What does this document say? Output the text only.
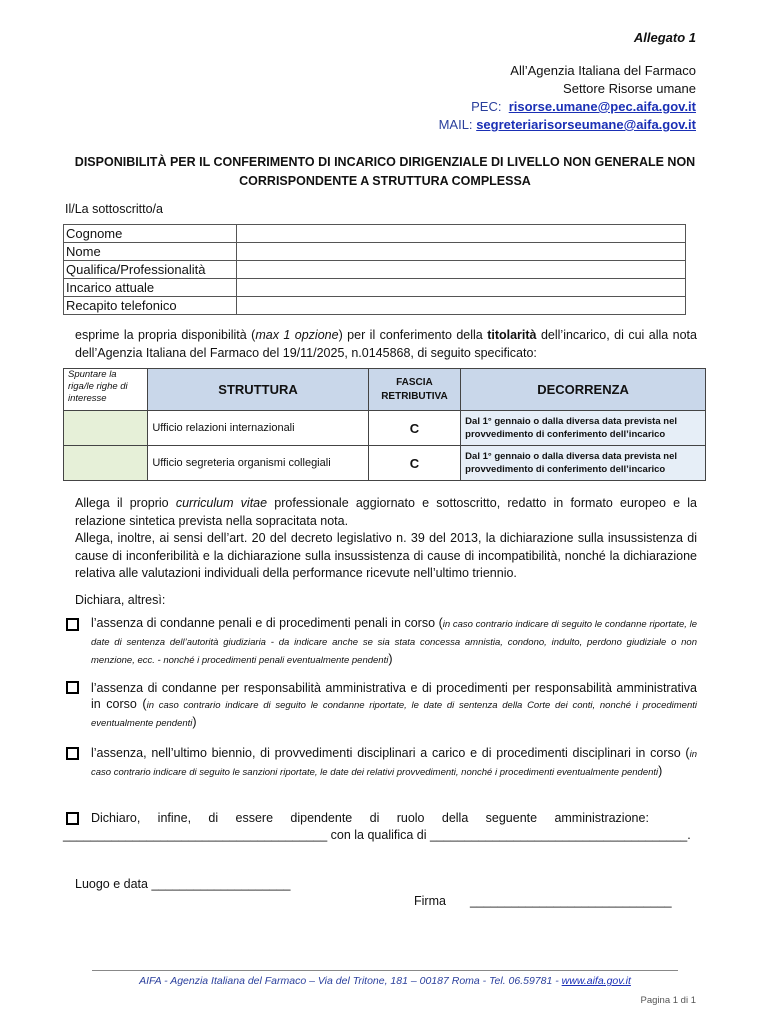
Allegato 1
All’Agenzia Italiana del Farmaco
Settore Risorse umane
PEC: risorse.umane@pec.aifa.gov.it
MAIL: segreteriarisorseumane@aifa.gov.it
DISPONIBILITÀ PER IL CONFERIMENTO DI INCARICO DIRIGENZIALE DI LIVELLO NON GENERALE NON
CORRISPONDENTE A STRUTTURA COMPLESSA
Il/La sottoscritto/a
Cognome	
Nome	
Qualifica/Professionalità	
Incarico attuale	
Recapito telefonico	
esprime la propria disponibilità (max 1 opzione) per il conferimento della titolarità dell’incarico, di cui alla nota dell’Agenzia Italiana del Farmaco del 19/11/2025, n.0145868, di seguito specificato:
Spuntare la riga/le righe di interesse	STRUTTURA	FASCIA RETRIBUTIVA	DECORRENZA
	Ufficio relazioni internazionali	C	Dal 1° gennaio o dalla diversa data prevista nel provvedimento di conferimento dell’incarico
	Ufficio segreteria organismi collegiali	C	Dal 1° gennaio o dalla diversa data prevista nel provvedimento di conferimento dell’incarico
Allega il proprio curriculum vitae professionale aggiornato e sottoscritto, redatto in formato europeo e la relazione sintetica prevista nella sopracitata nota.
Allega, inoltre, ai sensi dell’art. 20 del decreto legislativo n. 39 del 2013, la dichiarazione sulla insussistenza di cause di inconferibilità e la dichiarazione sulla insussistenza di cause di incompatibilità, nonché la dichiarazione relativa alle valutazioni individuali della performance ricevute nell’ultimo triennio.
Dichiara, altresì:
l’assenza di condanne penali e di procedimenti penali in corso (in caso contrario indicare di seguito le condanne riportate, le date di sentenza dell’autorità giudiziaria - da indicare anche se sia stata concessa amnistia, condono, indulto, perdono giudiziale o non menzione, ecc. - nonché i procedimenti penali eventualmente pendenti)
l’assenza di condanne per responsabilità amministrativa e di procedimenti per responsabilità amministrativa in corso (in caso contrario indicare di seguito le condanne riportate, le date di sentenza della Corte dei conti, nonché i procedimenti eventualmente pendenti)
l’assenza, nell’ultimo biennio, di provvedimenti disciplinari a carico e di procedimenti disciplinari in corso (in caso contrario indicare di seguito le sanzioni riportate, le date dei relativi provvedimenti, nonché i procedimenti eventualmente pendenti)
Dichiaro,     infine,     di     essere     dipendente     di     ruolo     della     seguente     amministrazione:
______________________________________ con la qualifica di _____________________________________.
Luogo e data ____________________
Firma _____________________________
AIFA - Agenzia Italiana del Farmaco – Via del Tritone, 181 – 00187 Roma - Tel. 06.59781 - www.aifa.gov.it
Pagina 1 di 1
